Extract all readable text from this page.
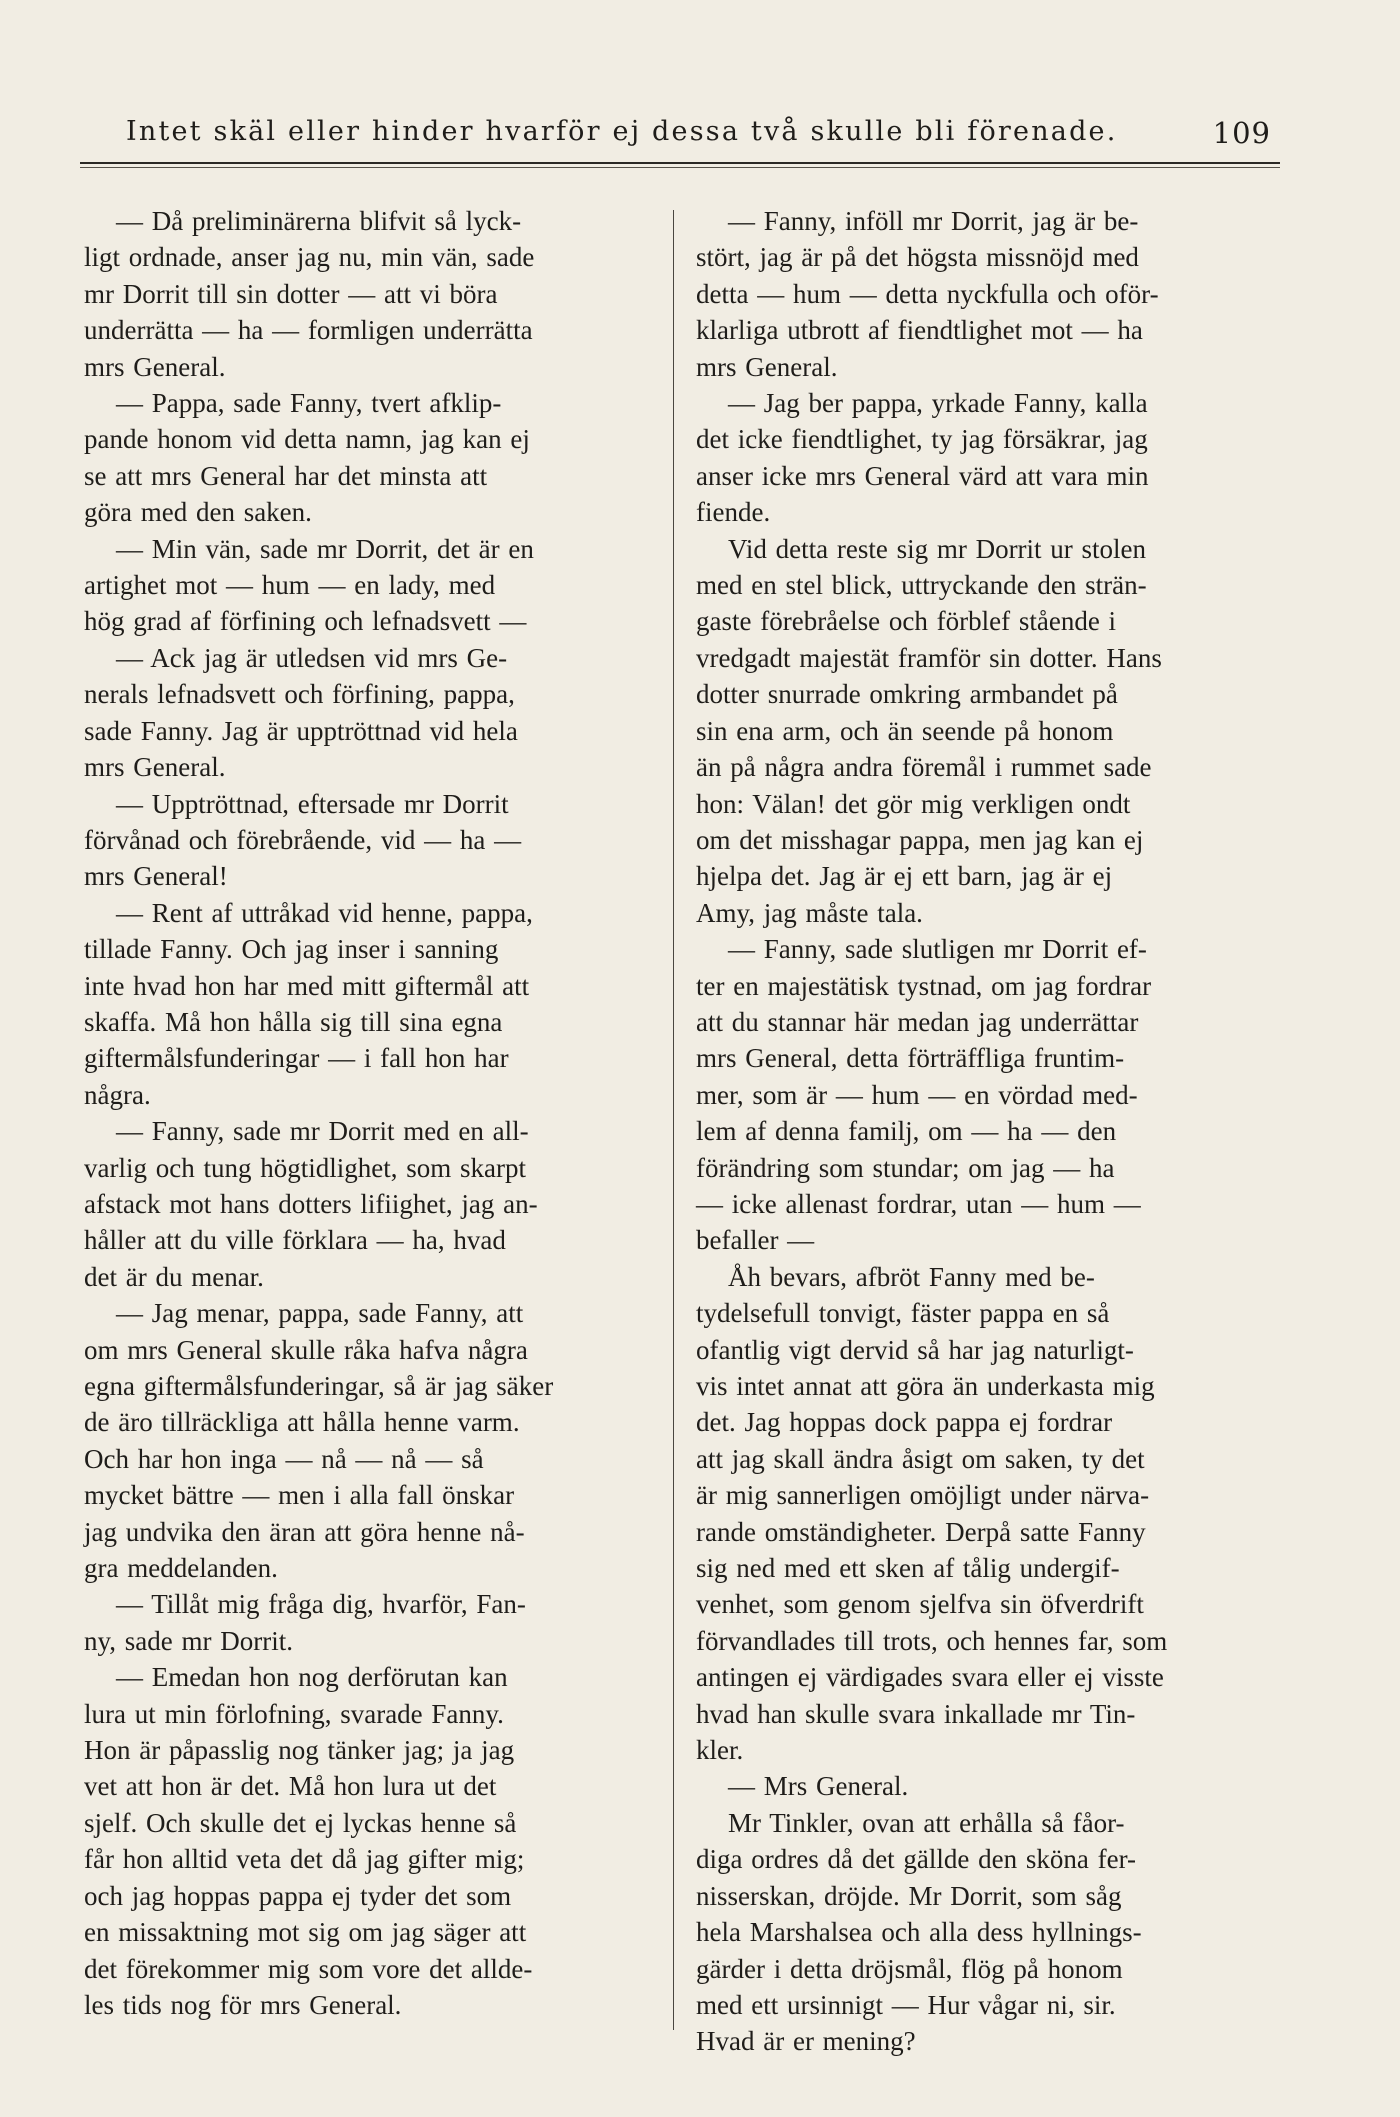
Intet skäl eller hinder hvarför ej dessa två skulle bli förenade.	109

— Då preliminärerna blifvit så lyck-
ligt ordnade, anser jag nu, min vän, sade
mr Dorrit till sin dotter — att vi böra
underrätta — ha — formligen underrätta
mrs General.

— Pappa, sade Fanny, tvert afklip-
pande honom vid detta namn, jag kan ej
se att mrs General har det minsta att
göra med den saken.

— Min vän, sade mr Dorrit, det är en
artighet mot — hum — en lady, med
hög grad af förfining och lefnadsvett —

— Ack jag är utledsen vid mrs Ge-
nerals lefnadsvett och förfining, pappa,
sade Fanny. Jag är upptröttnad vid hela
mrs General.

— Upptröttnad, eftersade mr Dorrit
förvånad och förebrående, vid — ha —
mrs General!

— Rent af uttråkad vid henne, pappa,
tillade Fanny. Och jag inser i sanning
inte hvad hon har med mitt giftermål att
skaffa. Må hon hålla sig till sina egna
giftermålsfunderingar — i fall hon har
några.

— Fanny, sade mr Dorrit med en all-
varlig och tung högtidlighet, som skarpt
afstack mot hans dotters lifiighet, jag an-
håller att du ville förklara — ha, hvad
det är du menar.

— Jag menar, pappa, sade Fanny, att
om mrs General skulle råka hafva några
egna giftermålsfunderingar, så är jag säker
de äro tillräckliga att hålla henne varm.
Och har hon inga — nå — nå — så
mycket bättre — men i alla fall önskar
jag undvika den äran att göra henne nå-
gra meddelanden.

— Tillåt mig fråga dig, hvarför, Fan-
ny, sade mr Dorrit.

— Emedan hon nog derförutan kan
lura ut min förlofning, svarade Fanny.
Hon är påpasslig nog tänker jag; ja jag
vet att hon är det. Må hon lura ut det
sjelf. Och skulle det ej lyckas henne så
får hon alltid veta det då jag gifter mig;
och jag hoppas pappa ej tyder det som
en missaktning mot sig om jag säger att
det förekommer mig som vore det allde-
les tids nog för mrs General.

— Fanny, inföll mr Dorrit, jag är be-
stört, jag är på det högsta missnöjd med
detta — hum — detta nyckfulla och oför-
klarliga utbrott af fiendtlighet mot — ha
mrs General.

— Jag ber pappa, yrkade Fanny, kalla
det icke fiendtlighet, ty jag försäkrar, jag
anser icke mrs General värd att vara min
fiende.

Vid detta reste sig mr Dorrit ur stolen
med en stel blick, uttryckande den strän-
gaste förebråelse och förblef stående i
vredgadt majestät framför sin dotter. Hans
dotter snurrade omkring armbandet på
sin ena arm, och än seende på honom
än på några andra föremål i rummet sade
hon: Välan! det gör mig verkligen ondt
om det misshagar pappa, men jag kan ej
hjelpa det. Jag är ej ett barn, jag är ej
Amy, jag måste tala.

— Fanny, sade slutligen mr Dorrit ef-
ter en majestätisk tystnad, om jag fordrar
att du stannar här medan jag underrättar
mrs General, detta förträffliga fruntim-
mer, som är — hum — en vördad med-
lem af denna familj, om — ha — den
förändring som stundar; om jag — ha
— icke allenast fordrar, utan — hum —
befaller —

Åh bevars, afbröt Fanny med be-
tydelsefull tonvigt, fäster pappa en så
ofantlig vigt dervid så har jag naturligt-
vis intet annat att göra än underkasta mig
det. Jag hoppas dock pappa ej fordrar
att jag skall ändra åsigt om saken, ty det
är mig sannerligen omöjligt under närva-
rande omständigheter. Derpå satte Fanny
sig ned med ett sken af tålig undergif-
venhet, som genom sjelfva sin öfverdrift
förvandlades till trots, och hennes far, som
antingen ej värdigades svara eller ej visste
hvad han skulle svara inkallade mr Tin-
kler.

— Mrs General.

Mr Tinkler, ovan att erhålla så fåor-
diga ordres då det gällde den sköna fer-
nisserskan, dröjde. Mr Dorrit, som såg
hela Marshalsea och alla dess hyllnings-
gärder i detta dröjsmål, flög på honom
med ett ursinnigt — Hur vågar ni, sir.
Hvad är er mening?
